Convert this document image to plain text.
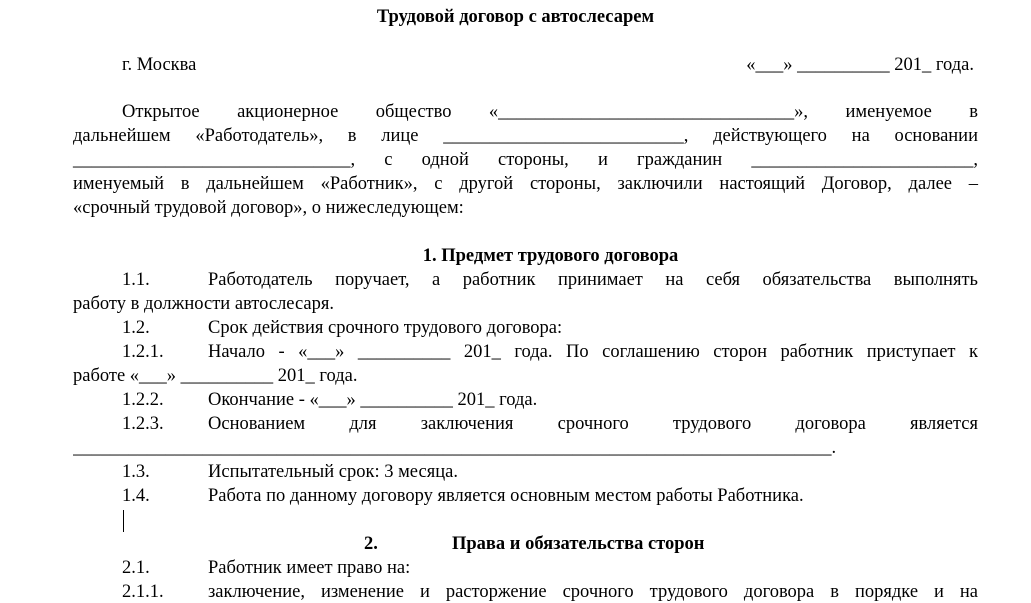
Трудовой договор с автослесарем
г. Москва	«___» __________ 201_ года.
Открытое акционерное общество «________________________________», именуемое в
дальнейшем «Работодатель», в лице __________________________, действующего на основании
______________________________, с одной стороны, и гражданин ________________________,
именуемый в дальнейшем «Работник», с другой стороны, заключили настоящий Договор, далее –
«срочный трудовой договор», о нижеследующем:
1. Предмет трудового договора
1.1.	Работодатель поручает, а работник принимает на себя обязательства выполнять
работу в должности автослесаря.
1.2.	Срок действия срочного трудового договора:
1.2.1. Начало - «___» __________ 201_ года. По соглашению сторон работник приступает к
работе «___» __________ 201_ года.
1.2.2. Окончание - «___» __________ 201_ года.
1.2.3. Основанием для заключения срочного трудового договора является
__________________________________________________________________________________.
1.3.	Испытательный срок: 3 месяца.
1.4.	Работа по данному договору является основным местом работы Работника.
2.	Права и обязательства сторон
2.1.	Работник имеет право на:
2.1.1. заключение, изменение и расторжение срочного трудового договора в порядке и на
